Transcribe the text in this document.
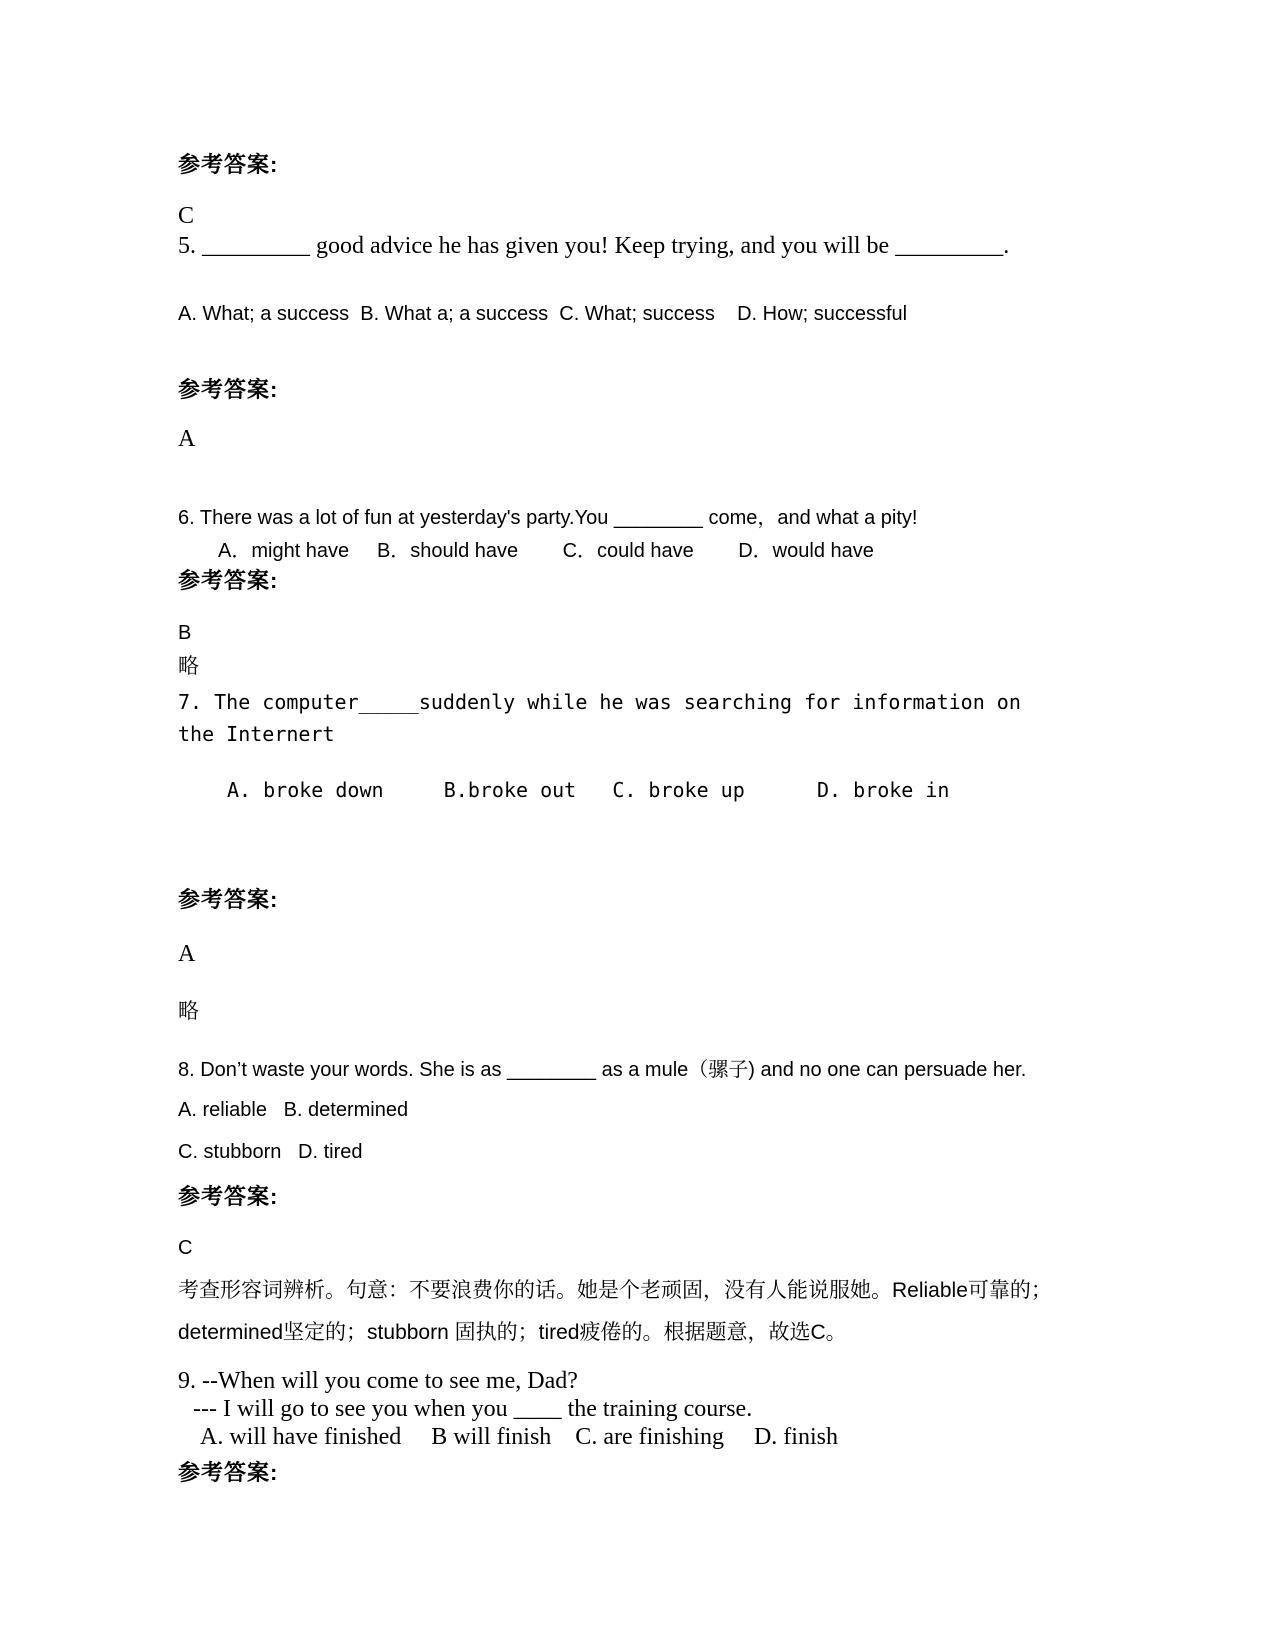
参考答案:
C
5. _________ good advice he has given you! Keep trying, and you will be _________.
A. What; a success  B. What a; a success  C. What; success    D. How; successful
参考答案:
A
6. There was a lot of fun at yesterday's party.You ________ come，and what a pity!
A．might have     B．should have        C．could have        D．would have
参考答案:
B
略
7. The computer_____suddenly while he was searching for information on the Internert
A. broke down     B.broke out   C. broke up      D. broke in
参考答案:
A
略
8. Don’t waste your words. She is as ________ as a mule（骡子) and no one can persuade her.
A. reliable   B. determined
C. stubborn   D. tired
参考答案:
C
考查形容词辨析。句意：不要浪费你的话。她是个老顽固，没有人能说服她。Reliable可靠的；determined坚定的；stubborn 固执的；tired疲倦的。根据题意，故选C。
9. --When will you come to see me, Dad?
--- I will go to see you when you ____ the training course.
A. will have finished     B will finish    C. are finishing     D. finish
参考答案:
